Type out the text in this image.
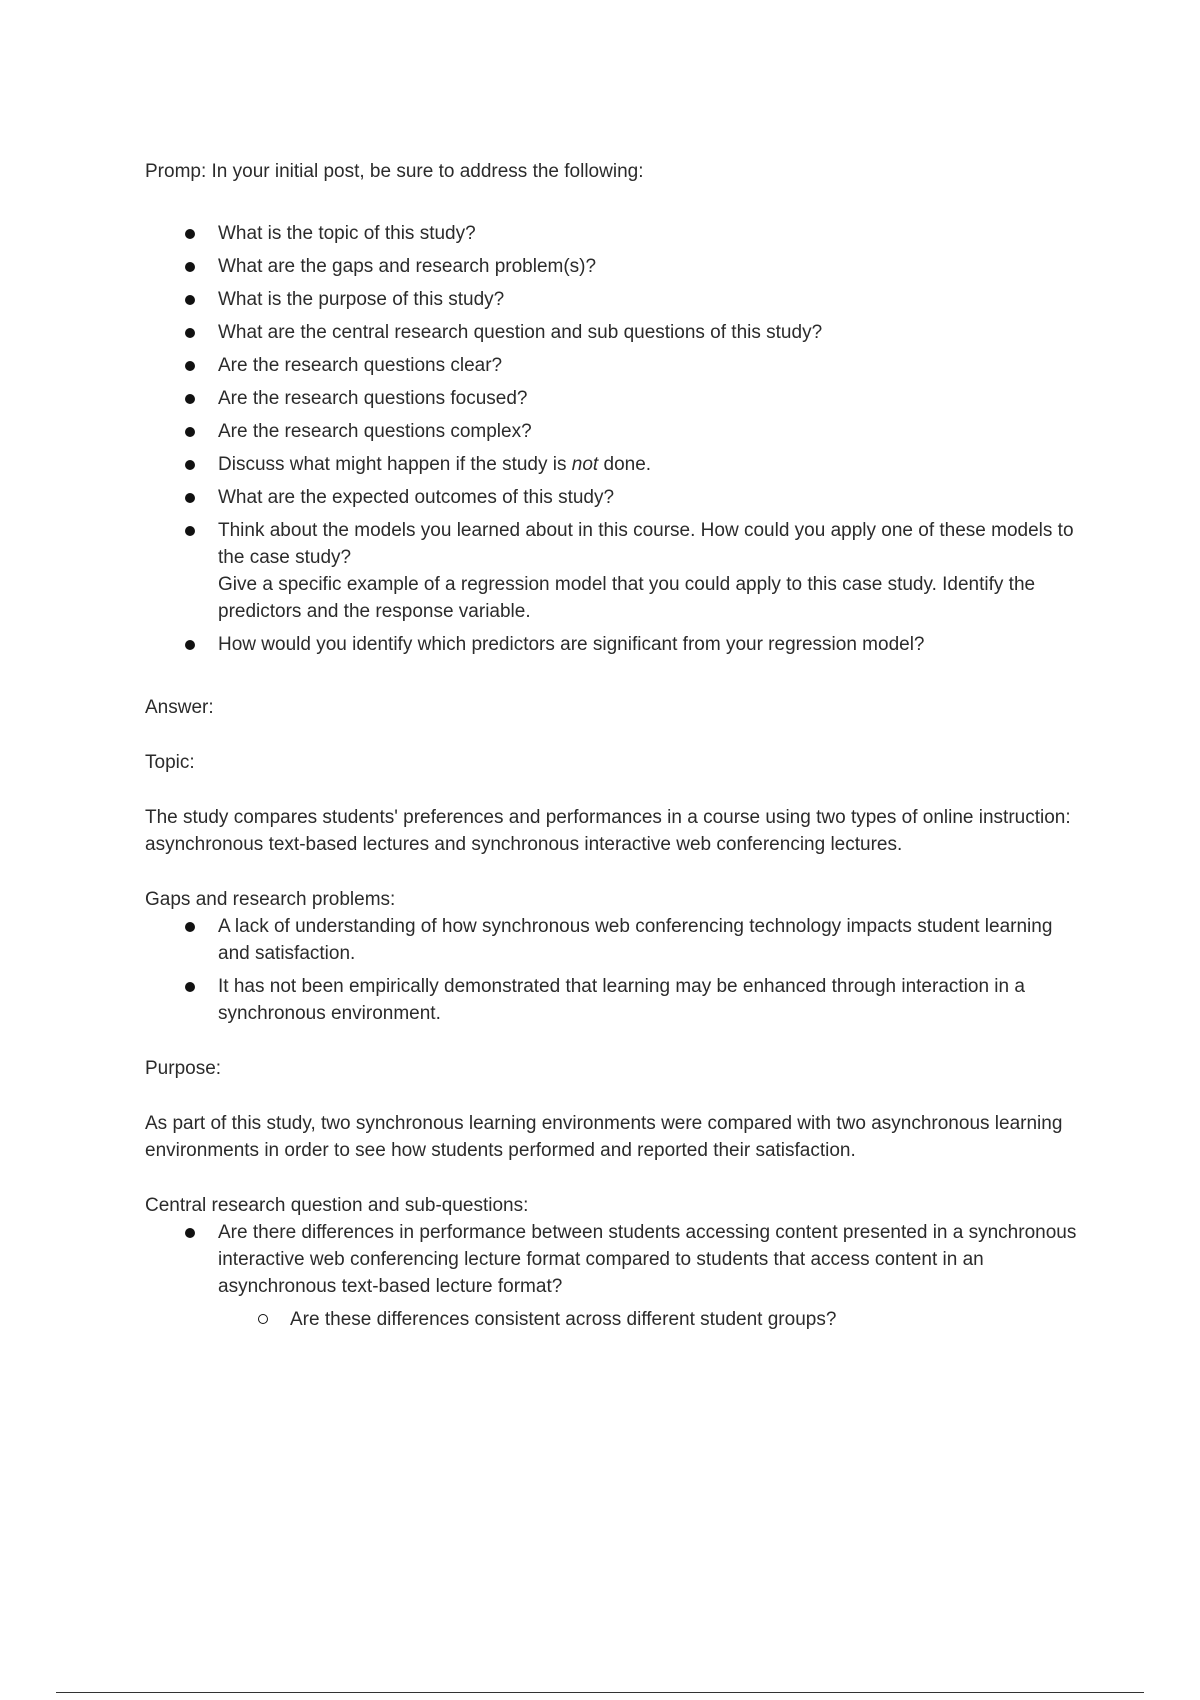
Promp: In your initial post, be sure to address the following:

What is the topic of this study?
What are the gaps and research problem(s)?
What is the purpose of this study?
What are the central research question and sub questions of this study?
Are the research questions clear?
Are the research questions focused?
Are the research questions complex?
Discuss what might happen if the study is not done.
What are the expected outcomes of this study?
Think about the models you learned about in this course. How could you apply one of these models to the case study?
Give a specific example of a regression model that you could apply to this case study. Identify the predictors and the response variable.
How would you identify which predictors are significant from your regression model?

Answer:

Topic:

The study compares students' preferences and performances in a course using two types of online instruction: asynchronous text-based lectures and synchronous interactive web conferencing lectures.

Gaps and research problems:

A lack of understanding of how synchronous web conferencing technology impacts student learning and satisfaction.
It has not been empirically demonstrated that learning may be enhanced through interaction in a synchronous environment.

Purpose:

As part of this study, two synchronous learning environments were compared with two asynchronous learning environments in order to see how students performed and reported their satisfaction.

Central research question and sub-questions:

Are there differences in performance between students accessing content presented in a synchronous interactive web conferencing lecture format compared to students that access content in an asynchronous text-based lecture format?
Are these differences consistent across different student groups?
